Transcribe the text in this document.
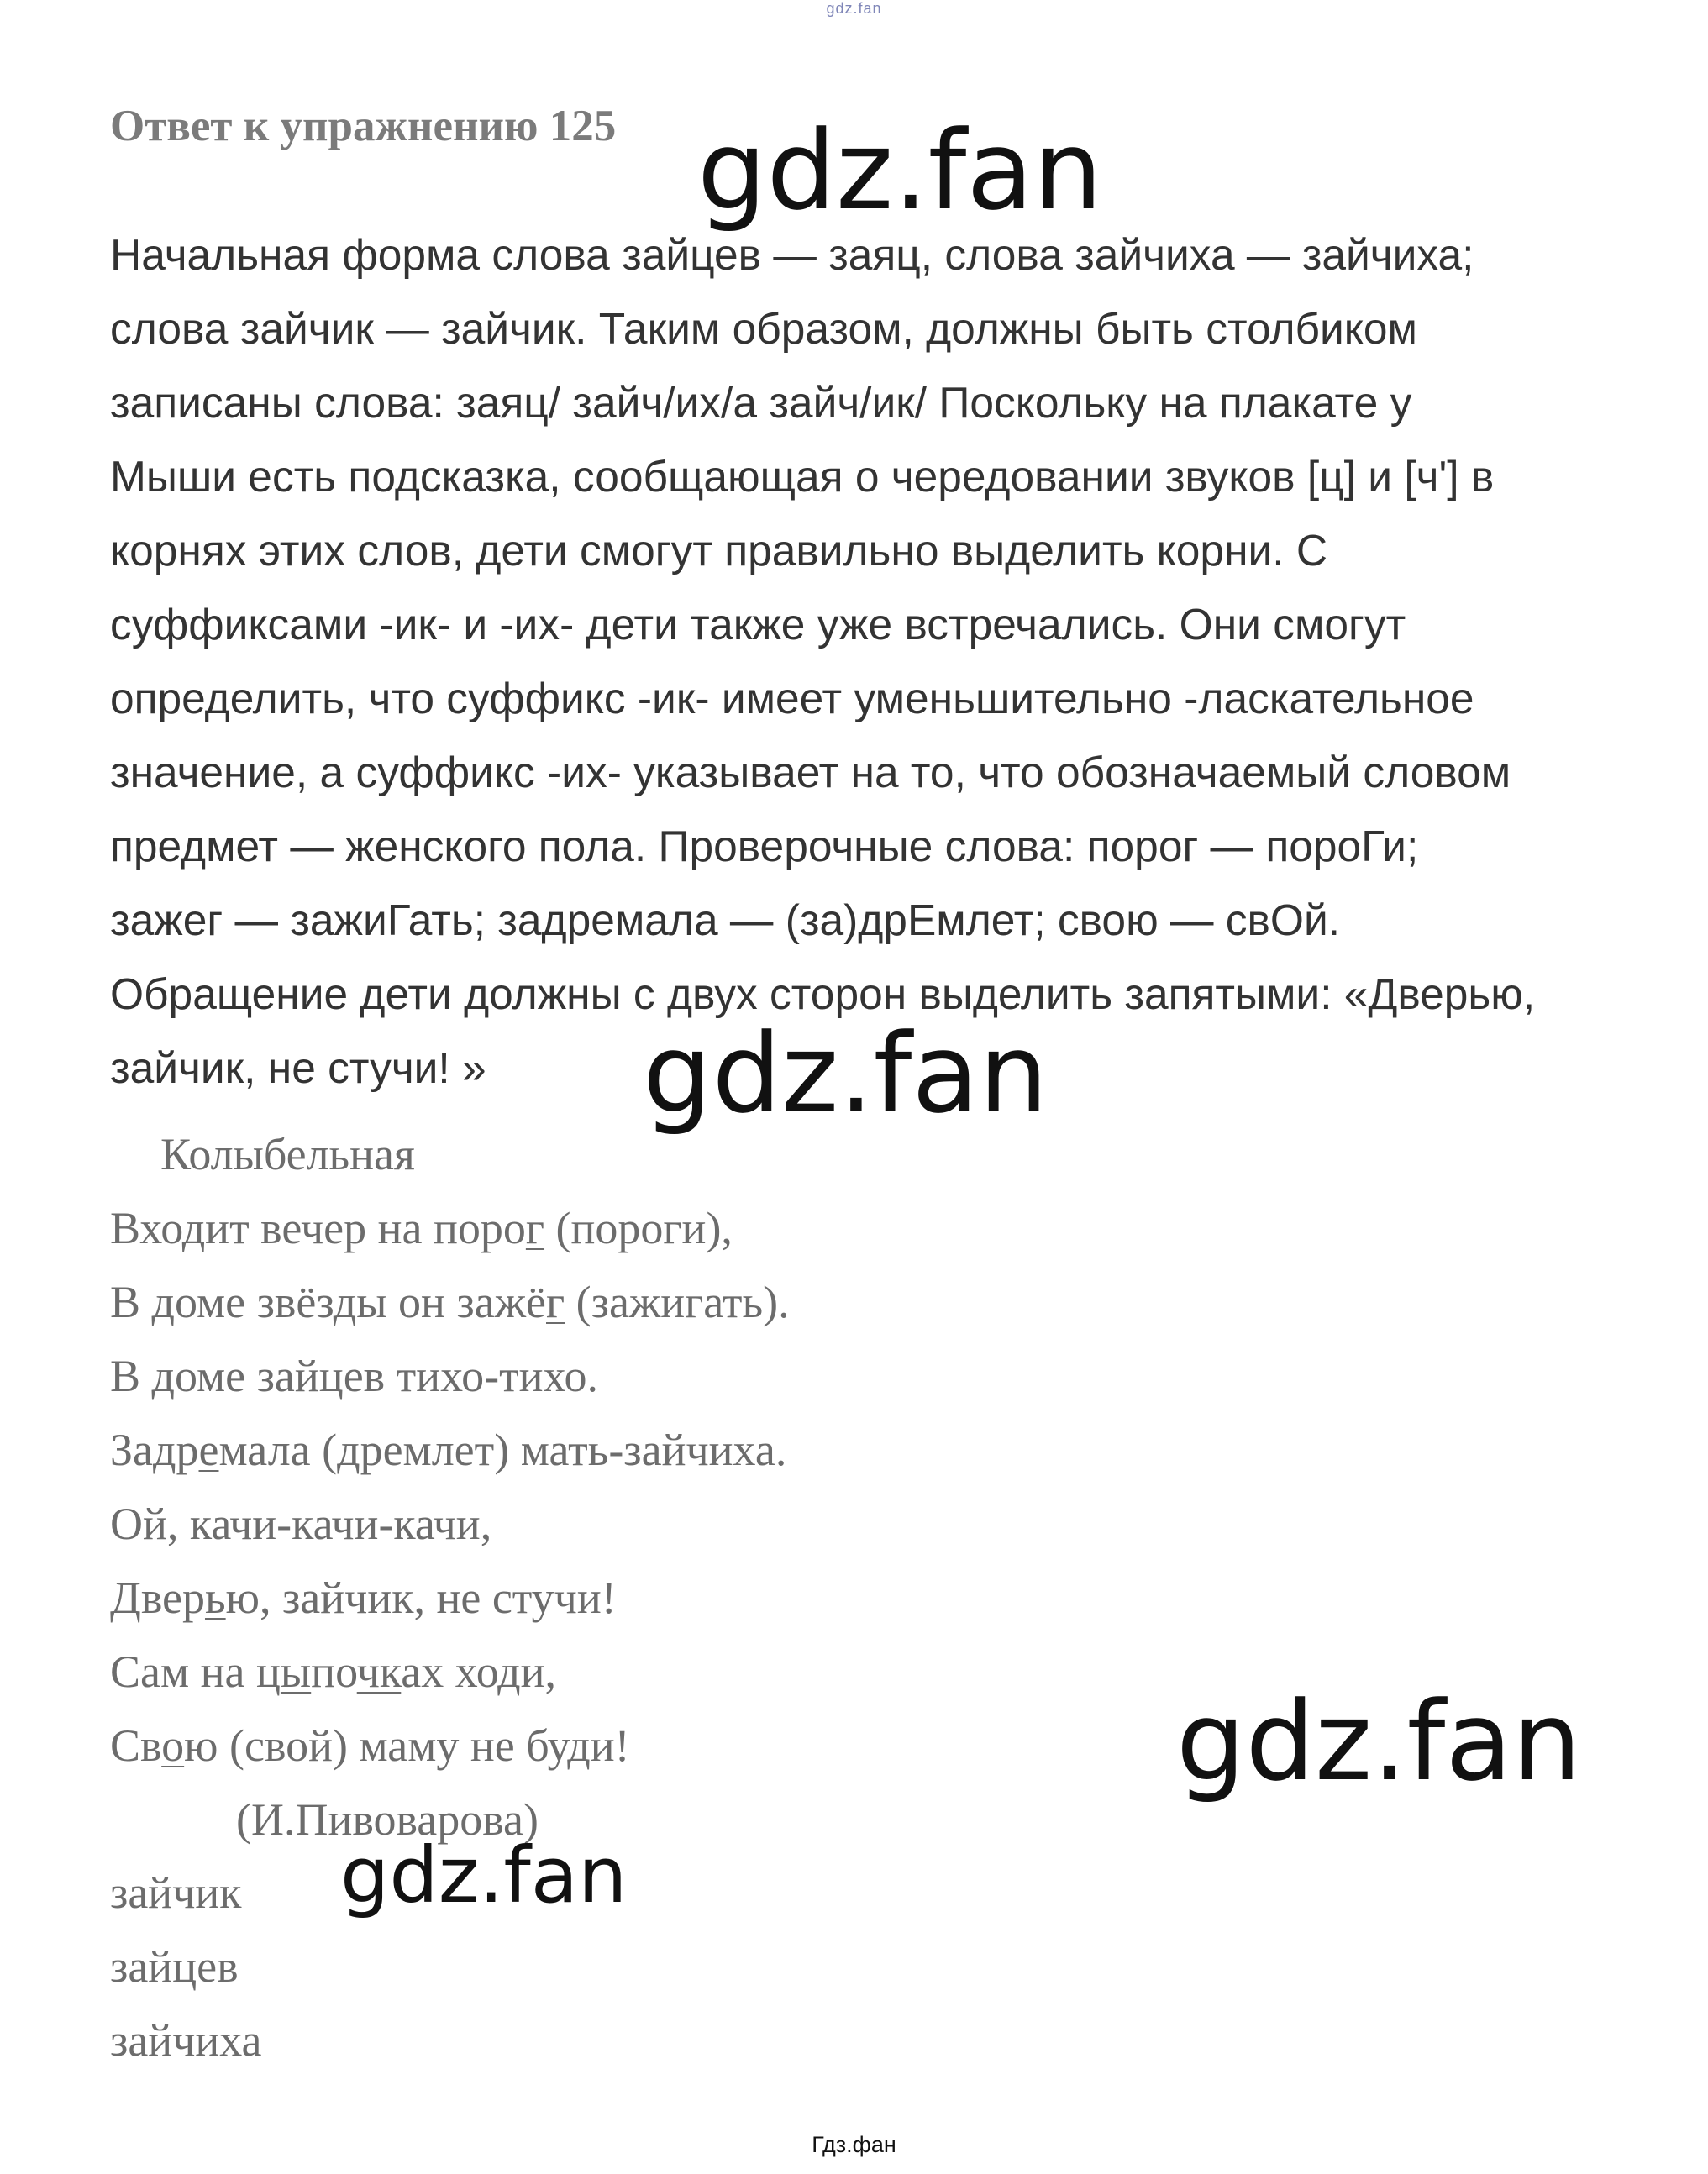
gdz.fan
Ответ к упражнению 125
Начальная форма слова зайцев — заяц, слова зайчиха — зайчиха;
слова зайчик — зайчик. Таким образом, должны быть столбиком
записаны слова: заяц/ зайч/их/а зайч/ик/ Поскольку на плакате у
Мыши есть подсказка, сообщающая о чередовании звуков [ц] и [ч'] в
корнях этих слов, дети смогут правильно выделить корни. С
суффиксами -ик- и -их- дети также уже встречались. Они смогут
определить, что суффикс -ик- имеет уменьшительно -ласкательное
значение, а суффикс -их- указывает на то, что обозначаемый словом
предмет — женского пола. Проверочные слова: порог — пороГи;
зажег — зажиГать; задремала — (за)дрЕмлет; свою — свОй.
Обращение дети должны с двух сторон выделить запятыми: «Дверью,
зайчик, не стучи! »
Колыбельная
Входит вечер на порог (пороги),
В доме звёзды он зажёг (зажигать).
В доме зайцев тихо-тихо.
Задремала (дремлет) мать-зайчиха.
Ой, качи-качи-качи,
Дверью, зайчик, не стучи!
Сам на цыпочках ходи,
Свою (свой) маму не буди!
(И.Пивоварова)
зайчик
зайцев
зайчиха
gdz.fan
gdz.fan
gdz.fan
gdz.fan
Гдз.фан
